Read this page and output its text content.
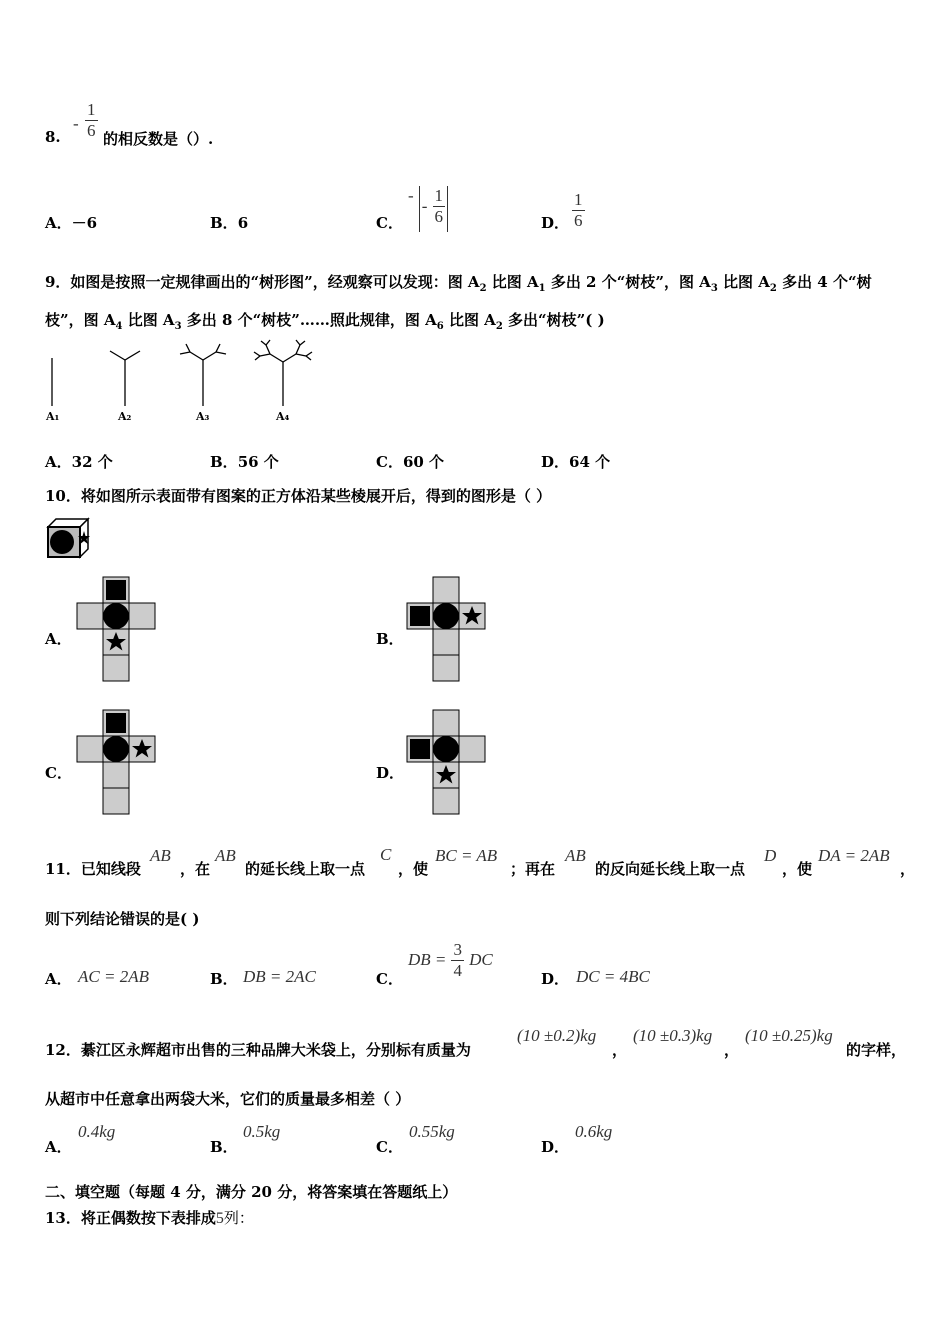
8.
- $\frac{1}{6}$ 的相反数是（）.
A．－6	B．6	C．
- - $\frac{1}{6}$	D． $\frac{1}{6}$
9．如图是按照一定规律画出的“树形图”，经观察可以发现：图 $A_2$ 比图 $A_1$ 多出 2 个“树枝”，图 $A_3$ 比图 $A_2$ 多出 4 个“树
枝”，图 $A_4$ 比图 $A_3$ 多出 8 个“树枝”……照此规律，图 $A_6$ 比图 $A_2$ 多出“树枝”( )
A₁	A₂	A₃	A₄
A．32 个	B．56 个	C．60 个	D．64 个
10．将如图所示表面带有图案的正方体沿某些棱展开后，得到的图形是（ ）
A．	B．
C．	D．
11．已知线段
AB
，在
AB
的延长线上取一点
C
，使
BC = AB
；再在
AB
的反向延长线上取一点
D
，使
DA = 2AB
，
则下列结论错误的是( )
A． AC = 2AB	B． DB = 2AC	C．
DB = $\frac{3}{4}$ DC
D． DC = 4BC
12．綦江区永辉超市出售的三种品牌大米袋上，分别标有质量为
(10 ±0.2)kg
，
(10 ±0.3)kg
，
(10 ±0.25)kg
的字样，
从超市中任意拿出两袋大米，它们的质量最多相差（ ）
A．
0.4kg
B．
0.5kg
C．
0.55kg
D．
0.6kg
二、填空题（每题 4 分，满分 20 分，将答案填在答题纸上）
13．将正偶数按下表排成5列：
